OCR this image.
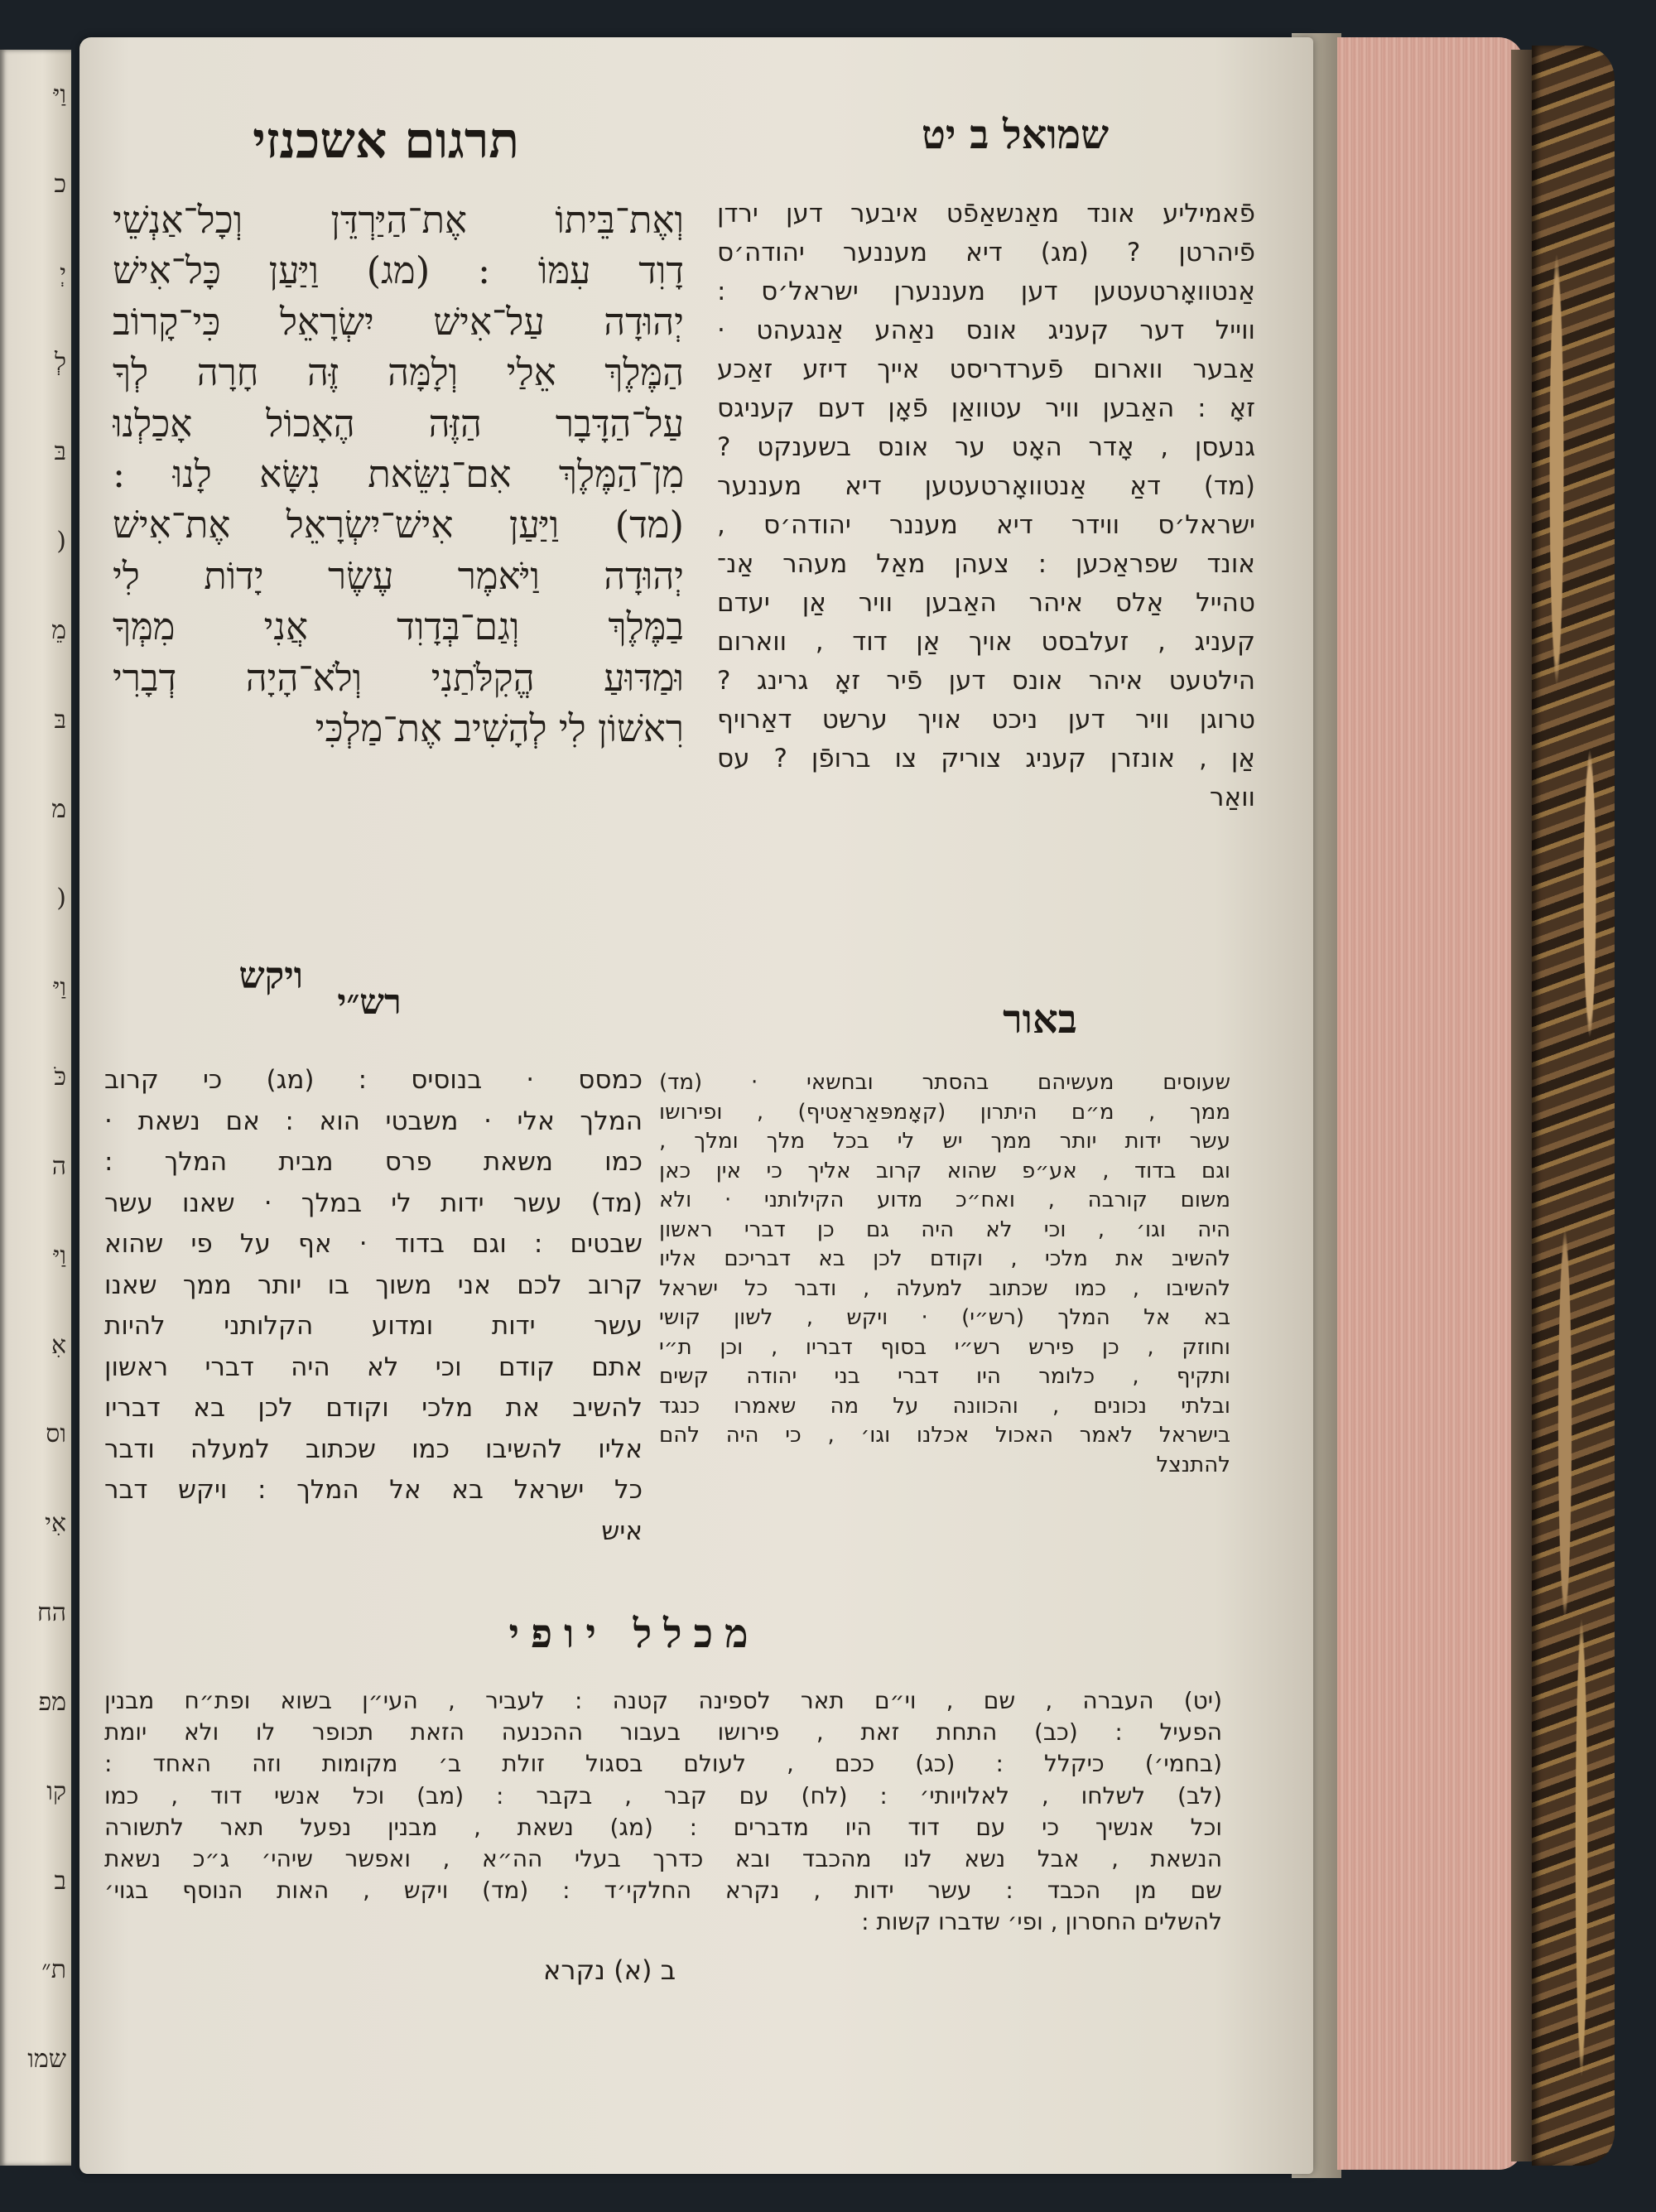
וַיּ
כ
יְ
לְ
בּ
(
מֵ
בּ
מ
(
וַיּ
כֹּ
ה
וַיּ
אִ
וס
אִי
הח
מפ
קו
ב
ת״
שמו
תרגום אשכנזי	שמואל ב יט
וְאֶת־בֵּיתוֹ אֶת־הַיַּרְדֵּן וְכָל־אַנְשֵׁי
דָוִד עִמּוֹ : (מג) וַיַּעַן כָּל־אִישׁ
יְהוּדָה עַל־אִישׁ יִשְׂרָאֵל כִּי־קָרוֹב
הַמֶּלֶךְ אֵלַי וְלָמָּה זֶּה חָרָה לְךָ
עַל־הַדָּבָר הַזֶּה הֶאָכוֹל אָכַלְנוּ
מִן־הַמֶּלֶךְ אִם־נִשֵּׂאת נִשָּׂא לָנוּ :
(מד) וַיַּעַן אִישׁ־יִשְׂרָאֵל אֶת־אִישׁ
יְהוּדָה וַיֹּאמֶר עֶשֶׂר יָדוֹת לִי
בַמֶּלֶךְ וְגַם־בְּדָוִד אֲנִי מִמְּךָ
וּמַדּוּעַ הֱקִלֹּתַנִי וְלֹא־הָיָה דְבָרִי
רִאשׁוֹן לִי לְהָשִׁיב אֶת־מַלְכִּי
פֿאמיליע אונד מאַנשאַפֿט איבער דען ירדן
פֿיהרטן ? (מג) דיא מעננער יהודה׳ס
אַנטוואָרטעטען דען מעננערן ישראל׳ס :
ווייל דער קעניג אונס נאַהע אַנגעהט ·
אַבער ווארום פֿערדריסט אייך דיזע זאַכע
זאָ : האַבען וויר עטוואַן פֿאָן דעם קעניגס
גנעסן , אָדר האָט ער אונס בשענקט ?
(מד) דאַ אַנטוואָרטעטען דיא מעננער
ישראל׳ס ווידר דיא מעננר יהודה׳ס ,
אונד שפראַכען : צעהן מאַל מעהר אַנ־
טהייל אַלס איהר האַבען וויר אַן יעדם
קעניג , זעלבסט אויך אַן דוד , ווארום
הילטעט איהר אונס דען פֿיר זאָ גרינג ?
טרוגן וויר דען ניכט אויך ערשט דאַרויף
אַן , אונזרן קעניג צוריק צו ברופֿן ? עס
וואַר
ויקש
רש״י	באור
כמסס · בנוסיס : (מג) כי קרוב
המלך אלי · משבטי הוא : אם נשאת ·
כמו משאת פרס מבית המלך :
(מד) עשר ידות לי במלך · שאנו עשר
שבטים : וגם בדוד · אף על פי שהוא
קרוב לכם אני משוך בו יותר ממך שאנו
עשר ידות ומדוע הקלותני להיות
אתם קודם וכי לא היה דברי ראשון
להשיב את מלכי וקודם לכן בא דבריו
אליו להשיבו כמו שכתוב למעלה ודבר
כל ישראל בא אל המלך : ויקש דבר
איש
שעוסים מעשיהם בהסתר ובחשאי · (מד)
ממך , מ״ם היתרון (קאָמפּאַראַטיף) , ופירושו
עשר ידות יותר ממך יש לי בכל מלך ומלך ,
וגם בדוד , אע״פ שהוא קרוב אליך כי אין כאן
משום קורבה , ואח״כ מדוע הקילותני · ולא
היה וגו׳ , וכי לא היה גם כן דברי ראשון
להשיב את מלכי , וקודם לכן בא דבריכם אליו
להשיבו , כמו שכתוב למעלה , ודבר כל ישראל
בא אל המלך (רש״י) · ויקש , לשון קושי
וחוזק , כן פירש רש״י בסוף דבריו , וכן ת״י
ותקיף , כלומר היו דברי בני יהודה קשים
ובלתי נכונים , והכוונה על מה שאמרו כנגד
בישראל לאמר האכול אכלנו וגו׳ , כי היה להם
להתנצל
מכלל יופי
(יט) העברה , שם , וי״ם תאר לספינה קטנה : לעביר , העי״ן בשוא ופת״ח מבנין
הפעיל : (כב) התחת זאת , פירושו בעבור ההכנעה הזאת תכופר לו ולא יומת
(בחמי׳) כיקלל : (כג) ככם , לעולם בסגול זולת ב׳ מקומות וזה האחד :
(לב) לשלחו , לאלויותי׳ : (לח) עם קבר , בקבר : (מב) וכל אנשי דוד , כמו
וכל אנשיך כי עם דוד היו מדברים : (מג) נשאת , מבנין נפעל תאר לתשורה
הנשאת , אבל נשא לנו מהכבד ובא כדרך בעלי הה״א , ואפשר שיהי׳ ג״כ נשאת
שם מן הכבד : עשר ידות , נקרא החלקי׳ד : (מד) ויקש , האות הנוסף בגוי׳
להשלים החסרון , ופי׳ שדברו קשות :
ב (א) נקרא
